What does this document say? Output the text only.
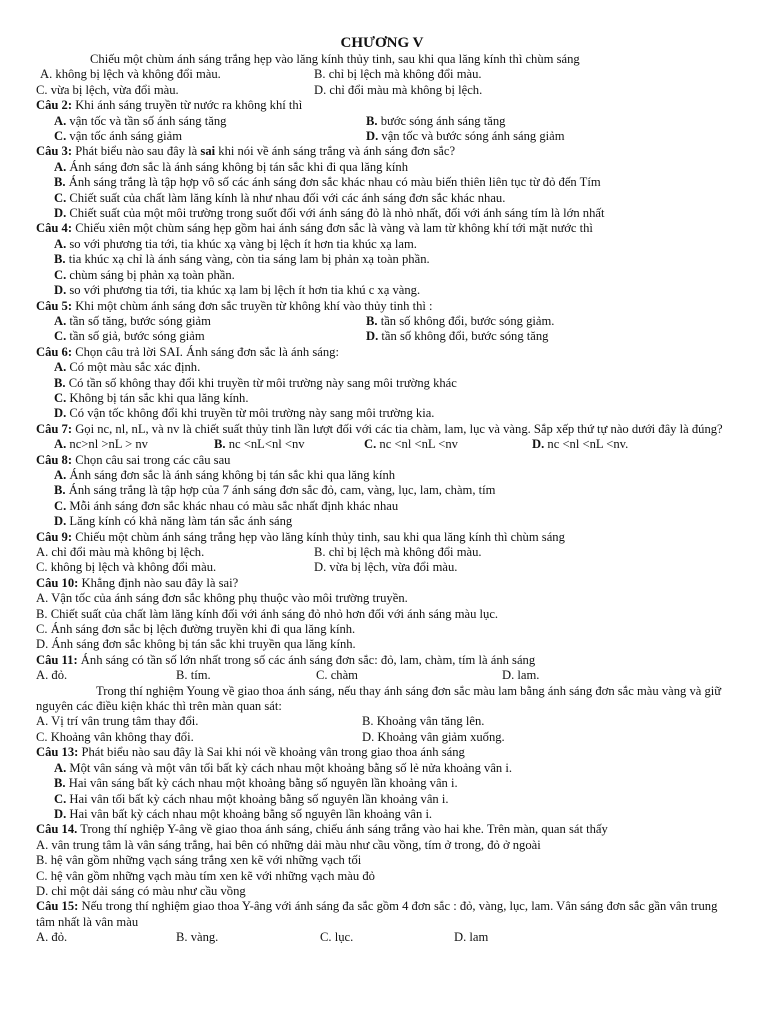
CHƯƠNG V
Chiếu một chùm ánh sáng trắng hẹp vào lăng kính thủy tinh, sau khi qua lăng kính thì chùm sáng
A. không bị lệch và không đổi màu.	B. chỉ bị lệch mà không đổi màu.
C. vừa bị lệch, vừa đổi màu.	D. chỉ đổi màu mà không bị lệch.
Câu 2: Khi ánh sáng truyền từ nước ra không khí thì
A. vận tốc và tần số ánh sáng tăng	B. bước sóng ánh sáng tăng
C. vận tốc ánh sáng giảm	D. vận tốc và bước sóng ánh sáng giảm
Câu 3: Phát biểu nào sau đây là sai khi nói về ánh sáng trắng và ánh sáng đơn sắc?
A. Ánh sáng đơn sắc là ánh sáng không bị tán sắc khi đi qua lăng kính
B. Ánh sáng trắng là tập hợp vô số các ánh sáng đơn sắc khác nhau có màu biến thiên liên tục từ đỏ đến Tím
C. Chiết suất của chất làm lăng kính là như nhau đối với các ánh sáng đơn sắc khác nhau.
D. Chiết suất của một môi trường trong suốt đối với ánh sáng đỏ là nhỏ nhất, đối với ánh sáng tím là lớn nhất
Câu 4: Chiếu xiên một chùm sáng hẹp gồm hai ánh sáng đơn sắc là vàng và lam từ không khí tới mặt nước thì
A. so với phương tia tới, tia khúc xạ vàng bị lệch ít hơn tia khúc xạ lam.
B. tia khúc xạ chỉ là ánh sáng vàng, còn tia sáng lam bị phản xạ toàn phần.
C. chùm sáng bị phản xạ toàn phần.
D. so với phương tia tới, tia khúc xạ lam bị lệch ít hơn tia khú c xạ vàng.
Câu 5: Khi một chùm ánh sáng đơn sắc truyền từ không khí vào thủy tinh thì :
A. tần số tăng, bước sóng giảm	B. tần số không đổi, bước sóng giảm.
C. tần số giả, bước sóng giảm	D. tần số không đổi, bước sóng tăng
Câu 6: Chọn câu trả lời SAI. Ánh sáng đơn sắc là ánh sáng:
A. Có một màu sắc xác định.
B. Có tần số không thay đổi khi truyền từ môi trường này sang môi trường khác
C. Không bị tán sắc khi qua lăng kính.
D. Có vận tốc không đổi khi truyền từ môi trường này sang môi trường kia.
Câu 7: Gọi nc, nl, nL, và nv là chiết suất thủy tinh lần lượt đối với các tia chàm, lam, lục và vàng. Sắp xếp thứ tự nào dưới đây là đúng?
A. nc>nl >nL > nv	B. nc <nL<nl <nv	C. nc <nl <nL <nv	D. nc <nl <nL <nv.
Câu 8: Chọn câu sai trong các câu sau
A. Ánh sáng đơn sắc là ánh sáng không bị tán sắc khi qua lăng kính
B. Ánh sáng trắng là tập hợp của 7 ánh sáng đơn sắc đỏ, cam, vàng, lục, lam, chàm, tím
C. Mỗi ánh sáng đơn sắc khác nhau có màu sắc nhất định khác nhau
D. Lăng kính có khả năng làm tán sắc ánh sáng
Câu 9: Chiếu một chùm ánh sáng trắng hẹp vào lăng kính thủy tinh, sau khi qua lăng kính thì chùm sáng
A. chỉ đổi màu mà không bị lệch.	B. chỉ bị lệch mà không đổi màu.
C. không bị lệch và không đổi màu.	D. vừa bị lệch, vừa đổi màu.
Câu 10: Khẳng định nào sau đây là sai?
A. Vận tốc của ánh sáng đơn sắc không phụ thuộc vào môi trường truyền.
B. Chiết suất của chất làm lăng kính đối với ánh sáng đỏ nhỏ hơn đối với ánh sáng màu lục.
C. Ánh sáng đơn sắc bị lệch đường truyền khi đi qua lăng kính.
D. Ánh sáng đơn sắc không bị tán sắc khi truyền qua lăng kính.
Câu 11: Ánh sáng có tần số lớn nhất trong số các ánh sáng đơn sắc: đỏ, lam, chàm, tím là ánh sáng
A. đỏ.	B. tím.	C. chàm	D. lam.
Trong thí nghiệm Young về giao thoa ánh sáng, nếu thay ánh sáng đơn sắc màu lam bằng ánh sáng đơn sắc màu vàng và giữ nguyên các điều kiện khác thì trên màn quan sát:
A. Vị trí vân trung tâm thay đổi.	B. Khoảng vân tăng lên.
C. Khoảng vân không thay đổi.	D. Khoảng vân giảm xuống.
Câu 13: Phát biểu nào sau đây là Sai khi nói về khoảng vân trong giao thoa ánh sáng
A. Một vân sáng và một vân tối bất kỳ cách nhau một khoảng bằng số lẻ nửa khoảng vân i.
B. Hai vân sáng bất kỳ cách nhau một khoảng bằng số nguyên lần khoảng vân i.
C. Hai vân tối bất kỳ cách nhau một khoảng bằng số nguyên lần khoảng vân i.
D. Hai vân bất kỳ cách nhau một khoảng bằng số nguyên lần khoảng vân i.
Câu 14. Trong thí nghiệp Y-âng về giao thoa ánh sáng, chiếu ánh sáng trắng vào hai khe. Trên màn, quan sát thấy
A. vân trung tâm là vân sáng trắng, hai bên có những dải màu như cầu vồng, tím ở trong, đỏ ở ngoài
B. hệ vân gồm những vạch sáng trắng xen kẽ với những vạch tối
C. hệ vân gồm những vạch màu tím xen kẽ với những vạch màu đỏ
D. chỉ một dải sáng có màu như cầu vồng
Câu 15: Nếu trong thí nghiệm giao thoa Y-âng với ánh sáng đa sắc gồm 4 đơn sắc : đỏ, vàng, lục, lam. Vân sáng đơn sắc gần vân trung tâm nhất là vân màu
A. đỏ.	B. vàng.	C. lục.	D. lam
